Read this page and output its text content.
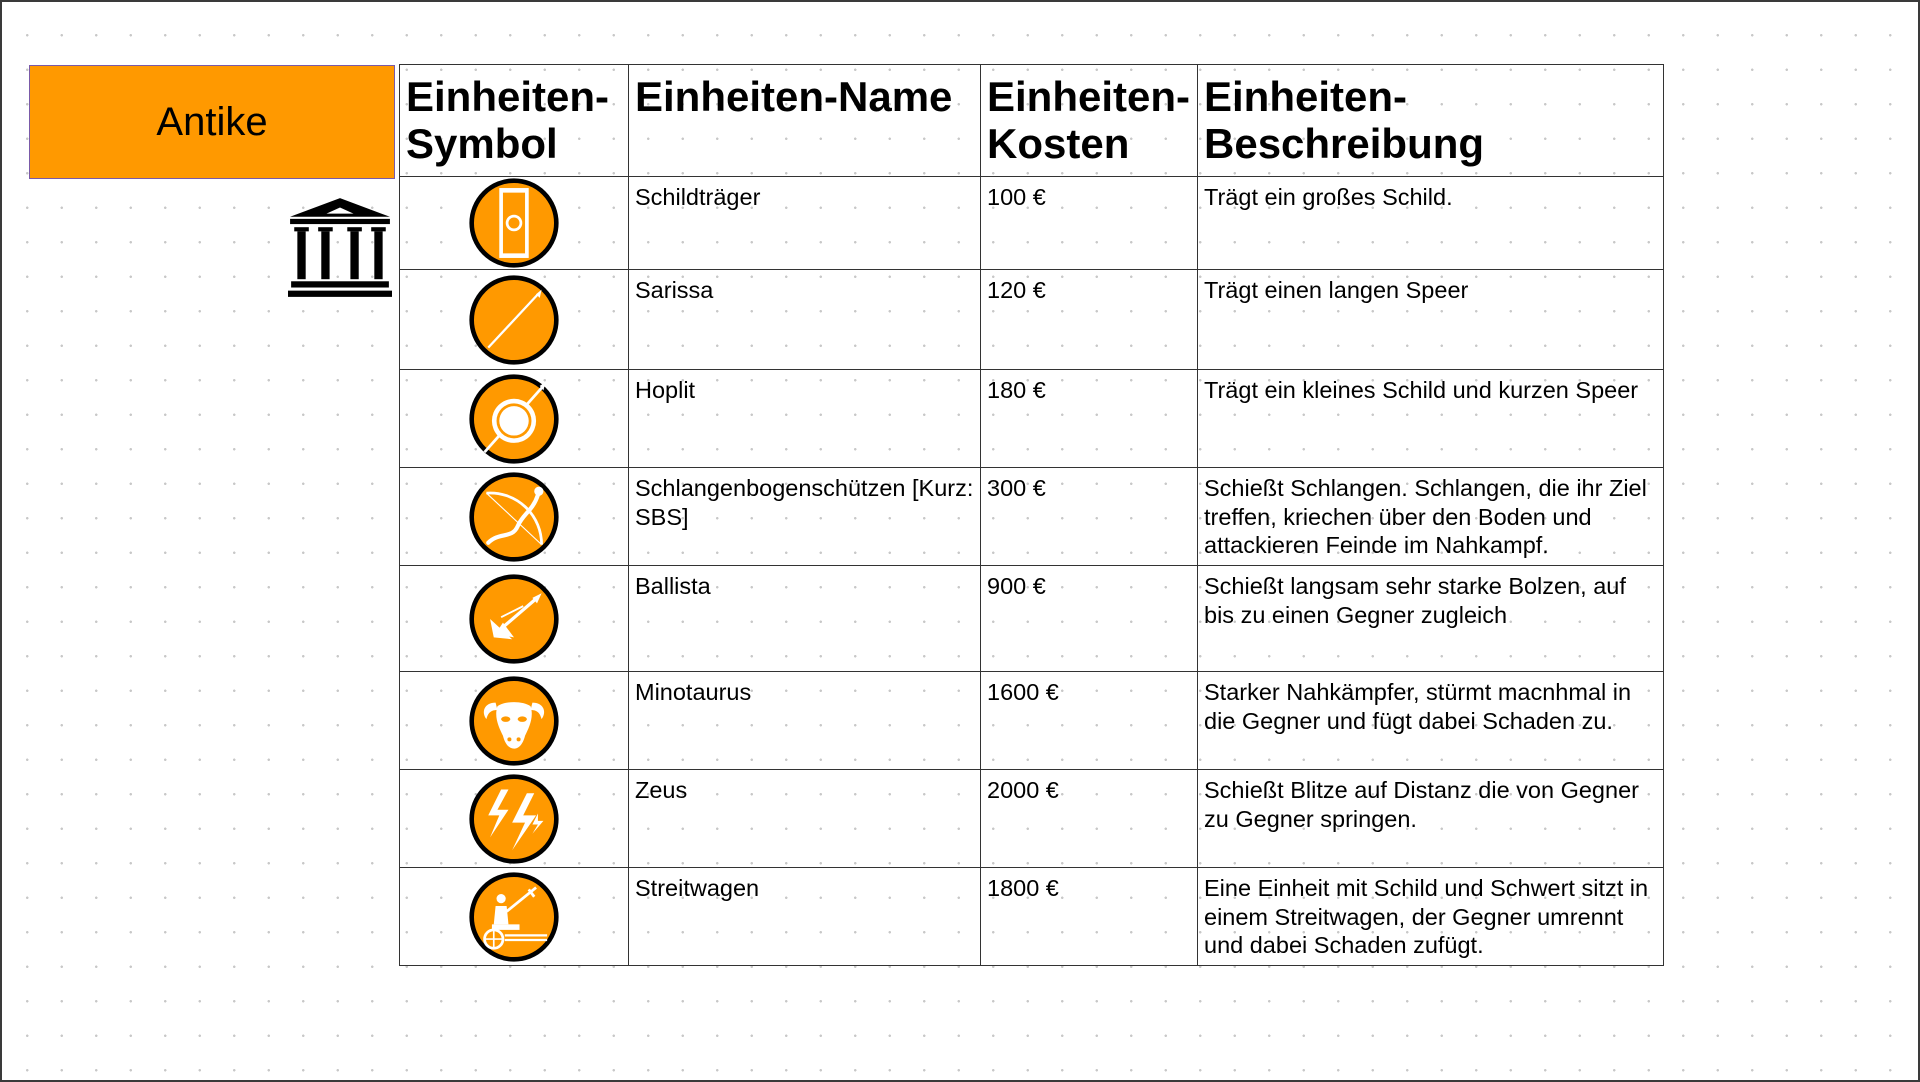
Antike
Einheiten-Symbol	Einheiten-Name	Einheiten-Kosten	Einheiten-Beschreibung

	Schildträger	100 €	Trägt ein großes Schild.

	Sarissa	120 €	Trägt einen langen Speer

	Hoplit	180 €	Trägt ein kleines Schild und kurzen Speer

	Schlangenbogenschützen [Kurz: SBS]	300 €	Schießt Schlangen. Schlangen, die ihr Ziel treffen, kriechen über den Boden und attackieren Feinde im Nahkampf.

	Ballista	900 €	Schießt langsam sehr starke Bolzen, auf bis zu einen Gegner zugleich

	Minotaurus	1600 €	Starker Nahkämpfer, stürmt macnhmal in die Gegner und fügt dabei Schaden zu.

	Zeus	2000 €	Schießt Blitze auf Distanz die von Gegner zu Gegner springen.

	Streitwagen	1800 €	Eine Einheit mit Schild und Schwert sitzt in einem Streitwagen, der Gegner umrennt und dabei Schaden zufügt.
